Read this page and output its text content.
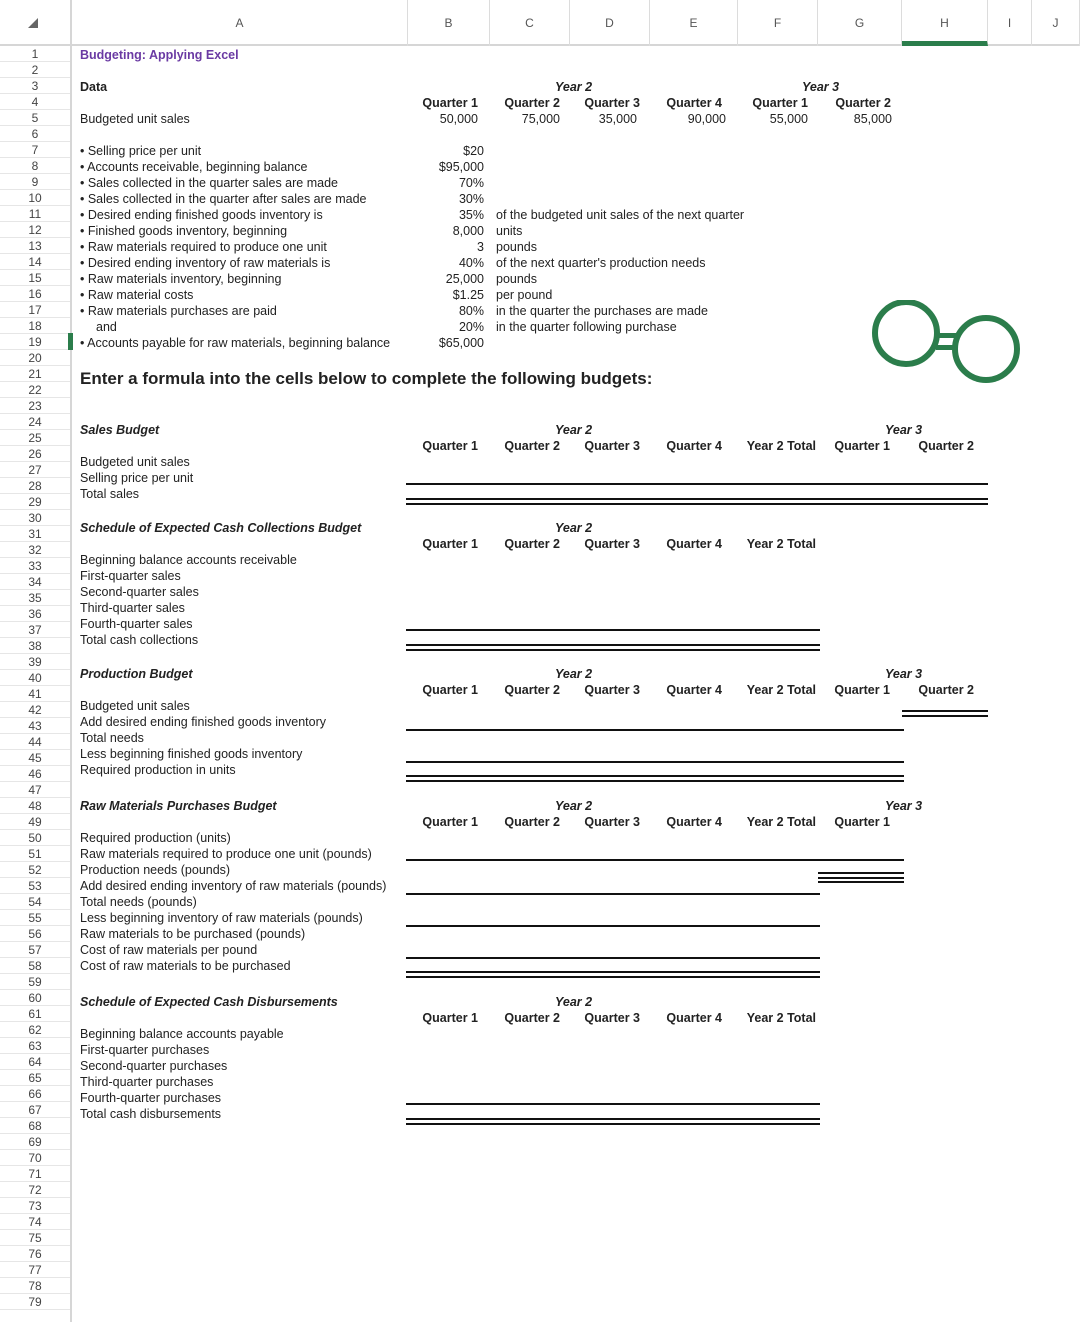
A	B	C	D	E	F	G	H	I	J
1
2
3
4
5
6
7
8
9
10
11
12
13
14
15
16
17
18
19
20
21
22
23
24
25
26
27
28
29
30
31
32
33
34
35
36
37
38
39
40
41
42
43
44
45
46
47
48
49
50
51
52
53
54
55
56
57
58
59
60
61
62
63
64
65
66
67
68
69
70
71
72
73
74
75
76
77
78
79
Budgeting: Applying Excel
Data	Year 2	Year 3
Quarter 1	Quarter 2	Quarter 3	Quarter 4	Quarter 1	Quarter 2
Budgeted unit sales	50,000	75,000	35,000	90,000	55,000	85,000
• Selling price per unit	$20
• Accounts receivable, beginning balance	$95,000
• Sales collected in the quarter sales are made	70%
• Sales collected in the quarter after sales are made	30%
• Desired ending finished goods inventory is	35% of the budgeted unit sales of the next quarter
• Finished goods inventory, beginning	8,000 units
• Raw materials required to produce one unit	3 pounds
• Desired ending inventory of raw materials is	40% of the next quarter's production needs
• Raw materials inventory, beginning	25,000 pounds
• Raw material costs	$1.25 per pound
• Raw materials purchases are paid	80% in the quarter the purchases are made
and	20% in the quarter following purchase
• Accounts payable for raw materials, beginning balance	$65,000
Enter a formula into the cells below to complete the following budgets:
Sales Budget	Year 2
Quarter 1	Quarter 2	Quarter 3	Quarter 4	Year 2 Total
Year 3
Quarter 1	Quarter 2
Budgeted unit sales
Selling price per unit
Total sales
Schedule of Expected Cash Collections Budget	Year 2
Quarter 1	Quarter 2	Quarter 3	Quarter 4	Year 2 Total
Beginning balance accounts receivable
First-quarter sales
Second-quarter sales
Third-quarter sales
Fourth-quarter sales
Total cash collections
Production Budget	Year 2
Quarter 1	Quarter 2	Quarter 3	Quarter 4	Year 2 Total
Year 3
Quarter 1	Quarter 2
Budgeted unit sales
Add desired ending finished goods inventory
Total needs
Less beginning finished goods inventory
Required production in units
Raw Materials Purchases Budget	Year 2
Quarter 1	Quarter 2	Quarter 3	Quarter 4	Year 2 Total
Year 3
Quarter 1
Required production (units)
Raw materials required to produce one unit (pounds)
Production needs (pounds)
Add desired ending inventory of raw materials (pounds)
Total needs (pounds)
Less beginning inventory of raw materials (pounds)
Raw materials to be purchased (pounds)
Cost of raw materials per pound
Cost of raw materials to be purchased
Schedule of Expected Cash Disbursements	Year 2
Quarter 1	Quarter 2	Quarter 3	Quarter 4	Year 2 Total
Beginning balance accounts payable
First-quarter purchases
Second-quarter purchases
Third-quarter purchases
Fourth-quarter purchases
Total cash disbursements
